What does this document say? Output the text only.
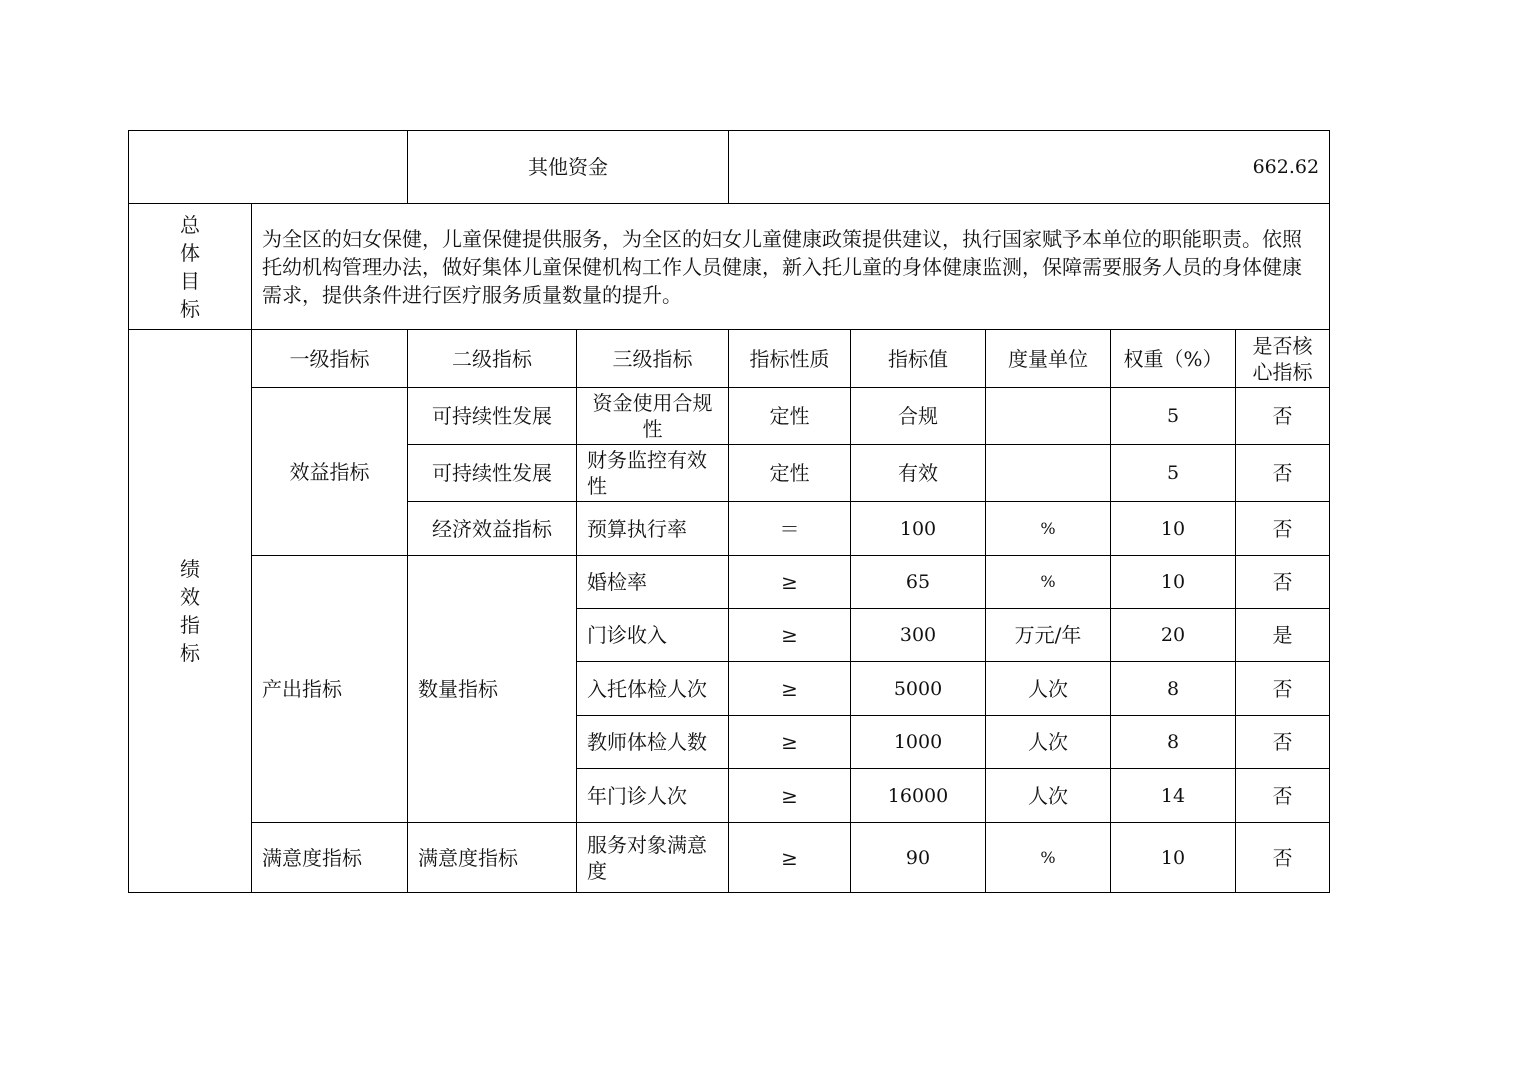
		其他资金		662.62				

总
体
目
标	为全区的妇女保健，儿童保健提供服务，为全区的妇女儿童健康政策提供建议，执行国家赋予本单位的职能职责。依照托幼机构管理办法，做好集体儿童保健机构工作人员健康，新入托儿童的身体健康监测，保障需要服务人员的身体健康需求，提供条件进行医疗服务质量数量的提升。							

绩
效
指
标	一级指标	二级指标	三级指标	指标性质	指标值	度量单位	权重（%）	是否核心指标
	效益指标	可持续性发展	资金使用合规性	定性	合规		5	否
		可持续性发展	财务监控有效性	定性	有效		5	否
		经济效益指标	预算执行率	＝	100	%	10	否
	产出指标	数量指标	婚检率	≥	65	%	10	否
			门诊收入	≥	300	万元/年	20	是
			入托体检人次	≥	5000	人次	8	否
			教师体检人数	≥	1000	人次	8	否
			年门诊人次	≥	16000	人次	14	否
	满意度指标	满意度指标	服务对象满意度	≥	90	%	10	否
